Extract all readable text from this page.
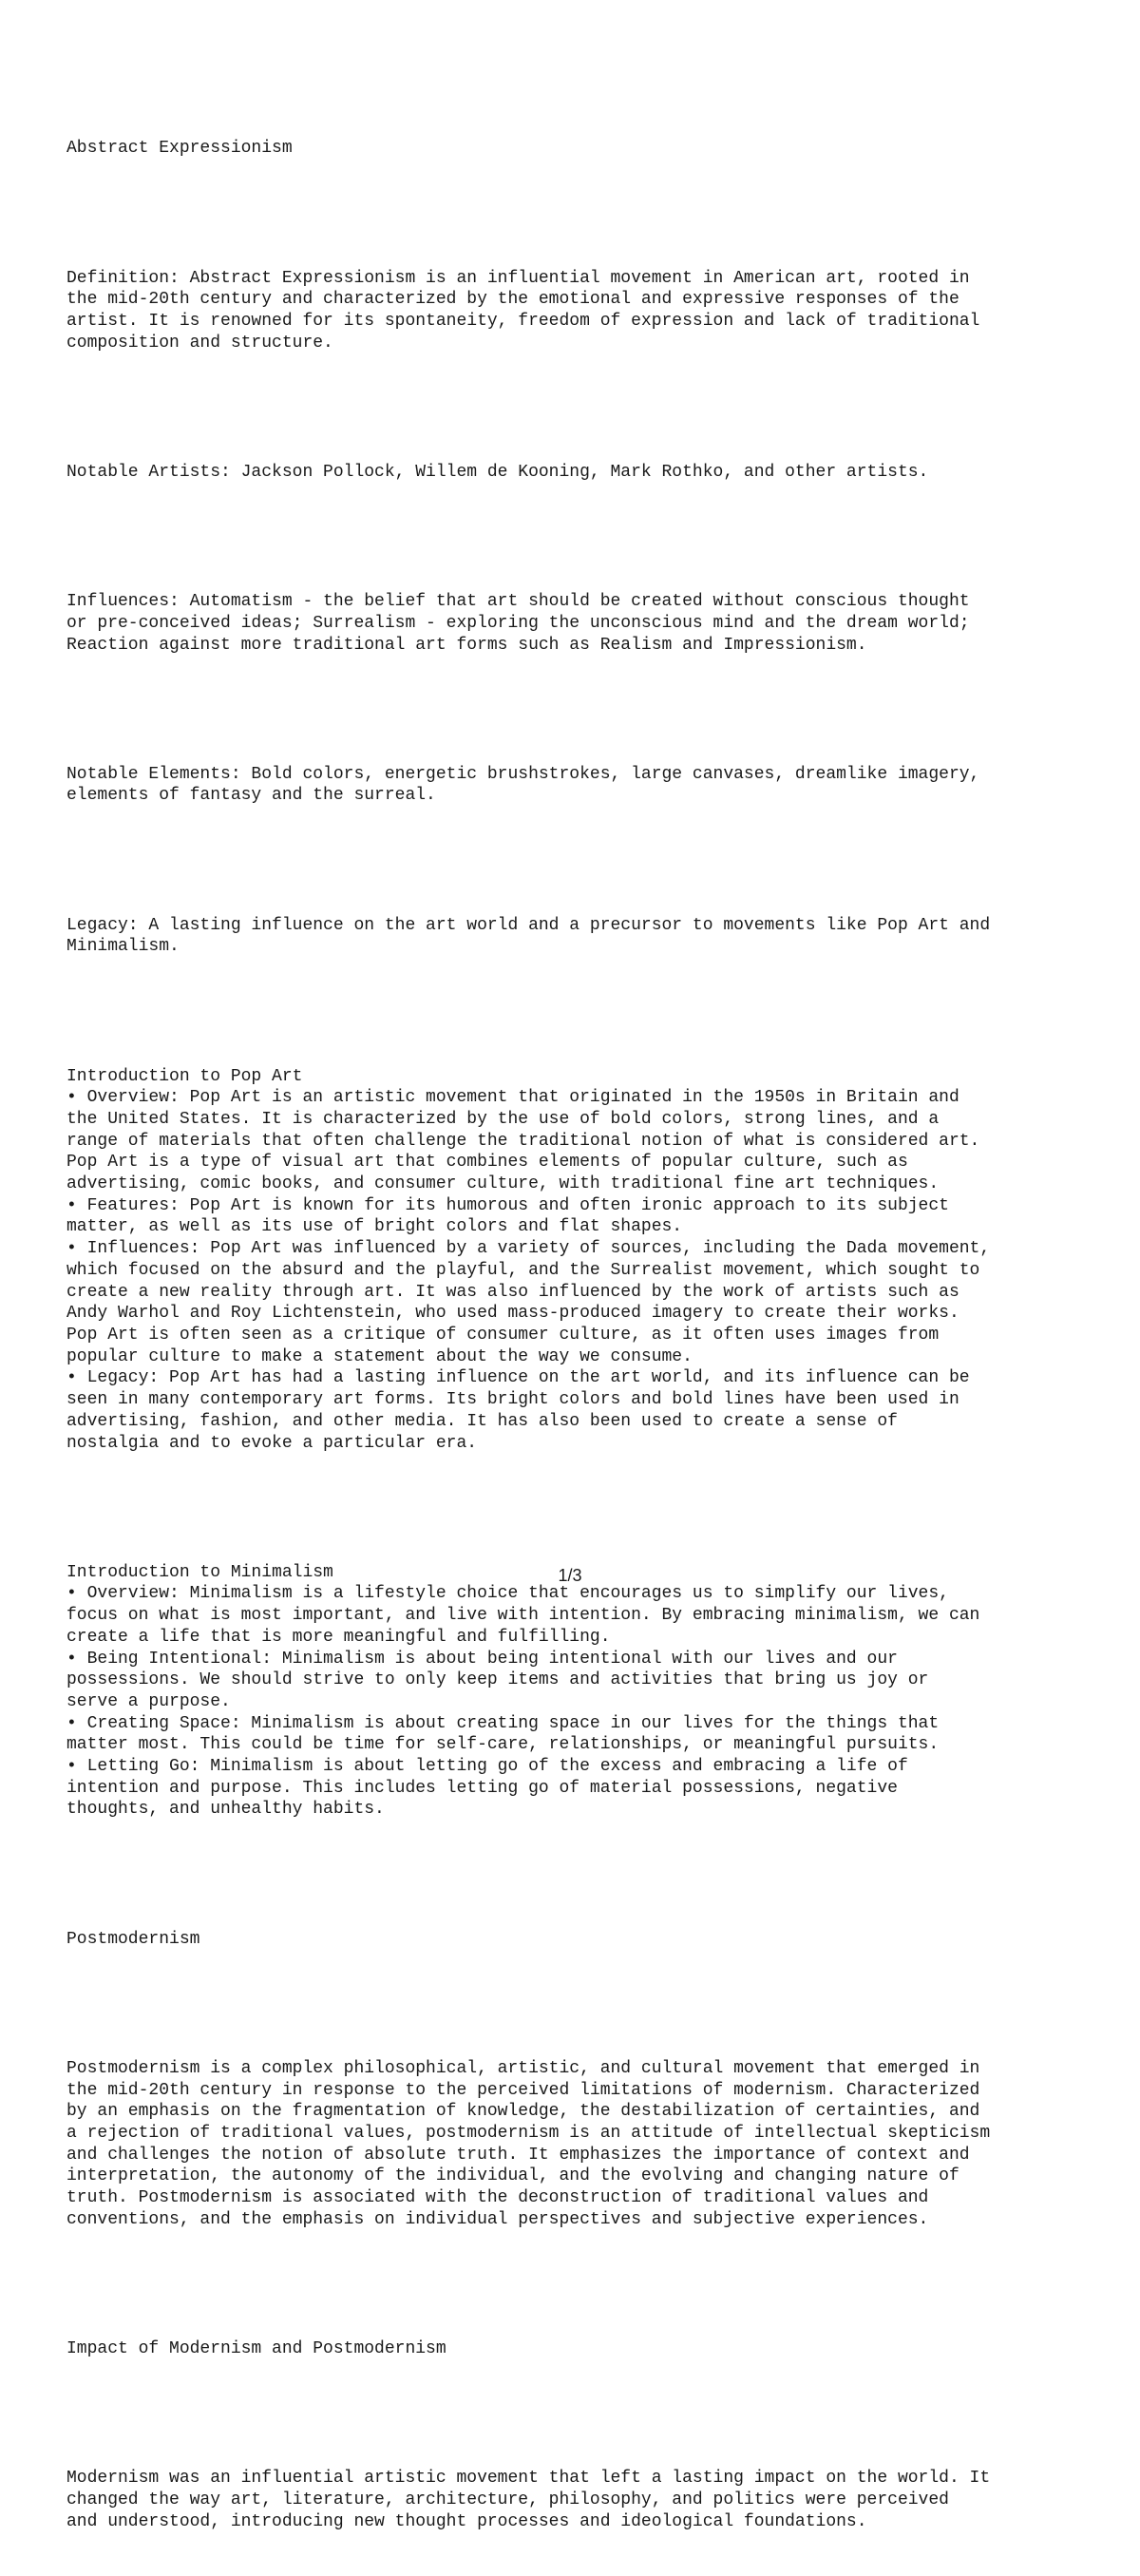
Abstract Expressionism

Definition: Abstract Expressionism is an influential movement in American art, rooted in
the mid-20th century and characterized by the emotional and expressive responses of the
artist. It is renowned for its spontaneity, freedom of expression and lack of traditional
composition and structure.

Notable Artists: Jackson Pollock, Willem de Kooning, Mark Rothko, and other artists.

Influences: Automatism - the belief that art should be created without conscious thought
or pre-conceived ideas; Surrealism - exploring the unconscious mind and the dream world;
Reaction against more traditional art forms such as Realism and Impressionism.

Notable Elements: Bold colors, energetic brushstrokes, large canvases, dreamlike imagery,
elements of fantasy and the surreal.

Legacy: A lasting influence on the art world and a precursor to movements like Pop Art and
Minimalism.

Introduction to Pop Art
• Overview: Pop Art is an artistic movement that originated in the 1950s in Britain and
the United States. It is characterized by the use of bold colors, strong lines, and a
range of materials that often challenge the traditional notion of what is considered art.
Pop Art is a type of visual art that combines elements of popular culture, such as
advertising, comic books, and consumer culture, with traditional fine art techniques.
• Features: Pop Art is known for its humorous and often ironic approach to its subject
matter, as well as its use of bright colors and flat shapes.
• Influences: Pop Art was influenced by a variety of sources, including the Dada movement,
which focused on the absurd and the playful, and the Surrealist movement, which sought to
create a new reality through art. It was also influenced by the work of artists such as
Andy Warhol and Roy Lichtenstein, who used mass-produced imagery to create their works.
Pop Art is often seen as a critique of consumer culture, as it often uses images from
popular culture to make a statement about the way we consume.
• Legacy: Pop Art has had a lasting influence on the art world, and its influence can be
seen in many contemporary art forms. Its bright colors and bold lines have been used in
advertising, fashion, and other media. It has also been used to create a sense of
nostalgia and to evoke a particular era.

Introduction to Minimalism
• Overview: Minimalism is a lifestyle choice that encourages us to simplify our lives,
focus on what is most important, and live with intention. By embracing minimalism, we can
create a life that is more meaningful and fulfilling.
• Being Intentional: Minimalism is about being intentional with our lives and our
possessions. We should strive to only keep items and activities that bring us joy or
serve a purpose.
• Creating Space: Minimalism is about creating space in our lives for the things that
matter most. This could be time for self-care, relationships, or meaningful pursuits.
• Letting Go: Minimalism is about letting go of the excess and embracing a life of
intention and purpose. This includes letting go of material possessions, negative
thoughts, and unhealthy habits.

Postmodernism

Postmodernism is a complex philosophical, artistic, and cultural movement that emerged in
the mid-20th century in response to the perceived limitations of modernism. Characterized
by an emphasis on the fragmentation of knowledge, the destabilization of certainties, and
a rejection of traditional values, postmodernism is an attitude of intellectual skepticism
and challenges the notion of absolute truth. It emphasizes the importance of context and
interpretation, the autonomy of the individual, and the evolving and changing nature of
truth. Postmodernism is associated with the deconstruction of traditional values and
conventions, and the emphasis on individual perspectives and subjective experiences.

Impact of Modernism and Postmodernism

Modernism was an influential artistic movement that left a lasting impact on the world. It
changed the way art, literature, architecture, philosophy, and politics were perceived
and understood, introducing new thought processes and ideological foundations.

1/3
